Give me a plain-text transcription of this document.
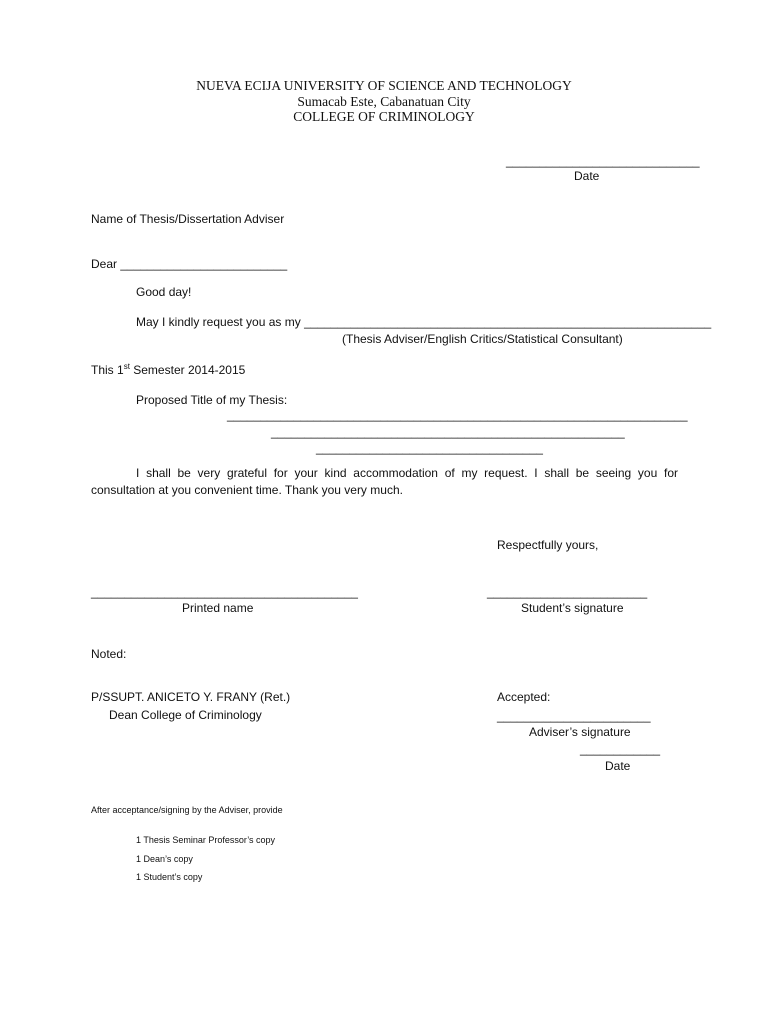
NUEVA ECIJA UNIVERSITY OF SCIENCE AND TECHNOLOGY
Sumacab Este, Cabanatuan City
COLLEGE OF CRIMINOLOGY
_____________________________
Date
Name of Thesis/Dissertation Adviser
Dear _________________________
Good day!
May I kindly request you as my _____________________________________________________________
(Thesis Adviser/English Critics/Statistical Consultant)
This 1st Semester 2014-2015
Proposed Title of my Thesis:
_____________________________________________________________________
_____________________________________________________
__________________________________
I shall be very grateful for your kind accommodation of my request. I shall be seeing you for consultation at you convenient time. Thank you very much.
Respectfully yours,
________________________________________
Printed name
________________________
Student’s signature
Noted:
P/SSUPT. ANICETO Y. FRANY (Ret.)
Dean College of Criminology
Accepted:
_______________________
Adviser’s signature
____________
Date
After acceptance/signing by the Adviser, provide
1 Thesis Seminar Professor’s copy
1 Dean’s copy
1 Student’s copy
